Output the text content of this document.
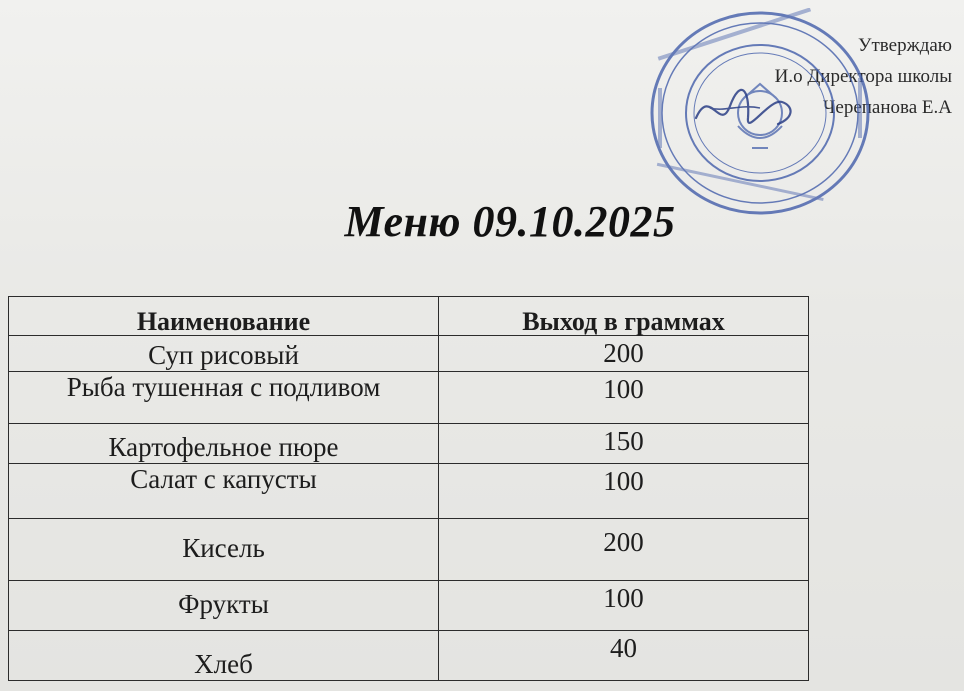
Утверждаю
И.о Директора школы
Черепанова Е.А
Меню 09.10.2025
Наименование	Выход в граммах
Суп рисовый	200
Рыба тушенная с подливом	100
Картофельное пюре	150
Салат с капусты	100
Кисель	200
Фрукты	100
Хлеб	40
